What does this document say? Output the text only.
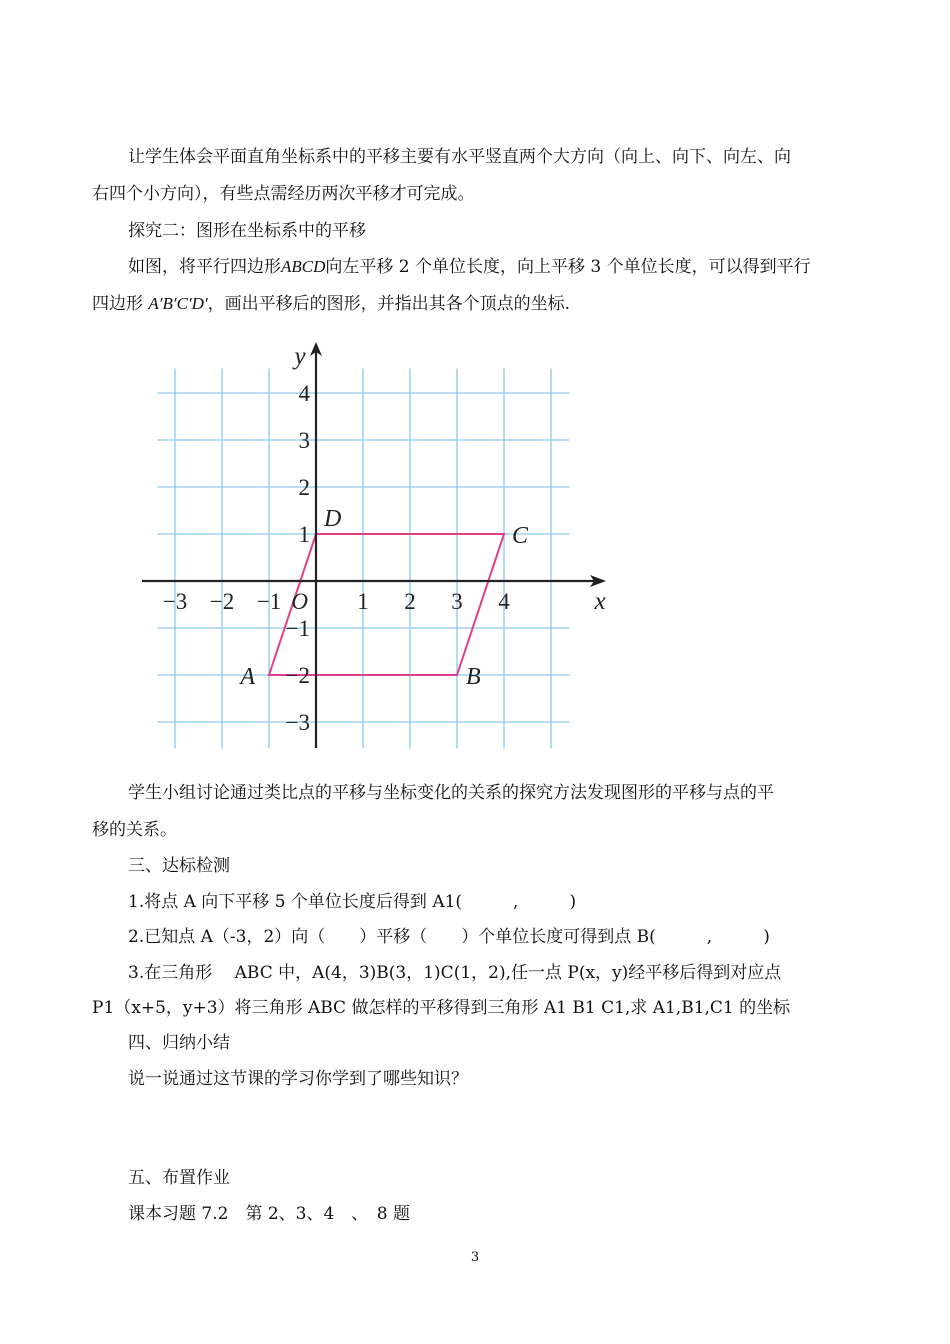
让学生体会平面直角坐标系中的平移主要有水平竖直两个大方向（向上、向下、向左、向
右四个小方向），有些点需经历两次平移才可完成。
探究二：图形在坐标系中的平移
如图，将平行四边形ABCD向左平移 2 个单位长度，向上平移 3 个单位长度，可以得到平行
四边形 A′B′C′D′，画出平移后的图形，并指出其各个顶点的坐标.
−3 −2 −1	1 2 3 4
4
3
2
1
−1
−2
−3
O	x
y
A	B
C
D
学生小组讨论通过类比点的平移与坐标变化的关系的探究方法发现图形的平移与点的平
移的关系。
三、达标检测
1.将点 A 向下平移 5 个单位长度后得到 A1(　　　,　　　)
2.已知点 A（-3，2）向（　　）平移（　　）个单位长度可得到点 B(　　　,　　　)
3.在三角形　 ABC 中，A(4，3)B(3，1)C(1，2),任一点 P(x，y)经平移后得到对应点
P1（x+5，y+3）将三角形 ABC 做怎样的平移得到三角形 A1 B1 C1,求 A1,B1,C1 的坐标
四、归纳小结
说一说通过这节课的学习你学到了哪些知识？
五、布置作业
课本习题 7.2　第 2、3、4　、　8 题
3
